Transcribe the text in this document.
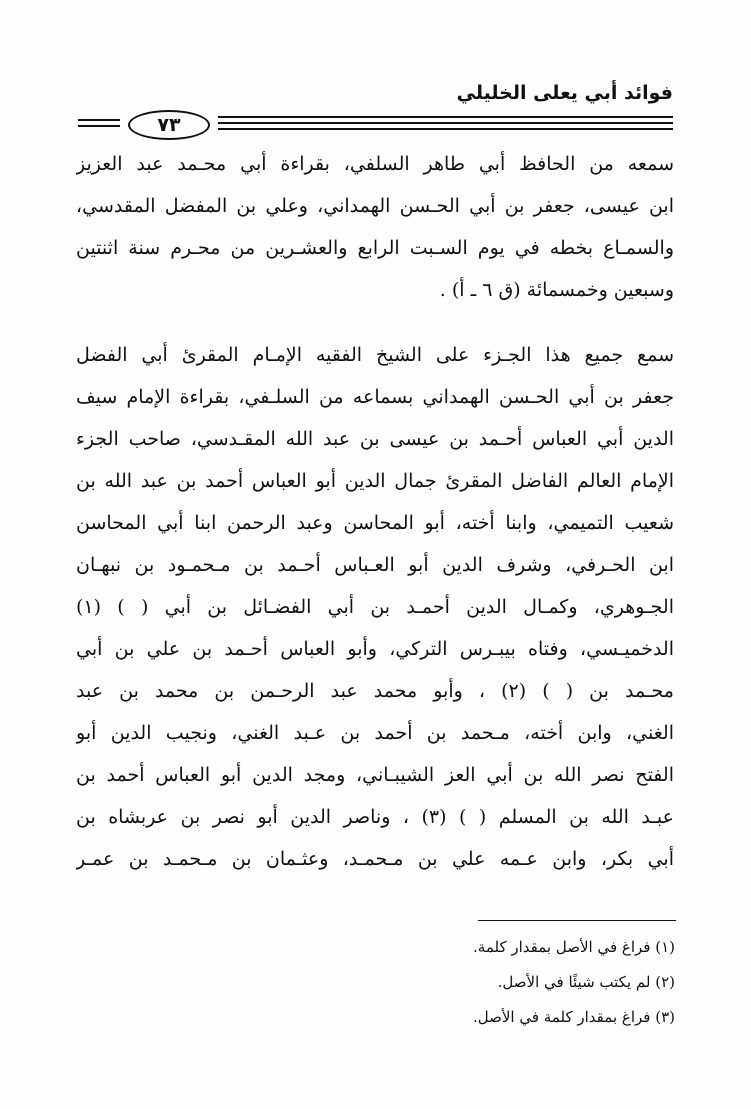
فوائد أبي يعلى الخليلي
٧٣
سمعه من الحافظ أبي طاهر السلفي، بقراءة أبي محـمد عبد العزيز
ابن عيسى، جعفر بن أبي الحـسن الهمداني، وعلي بن المفضل المقدسي،
والسمـاع بخطه في يوم السـبت الرابع والعشـرين من محـرم سنة اثنتين
وسبعين وخمسمائة (ق ٦ ـ أ) .
سمع جميع هذا الجـزء على الشيخ الفقيه الإمـام المقرئ أبي الفضل
جعفر بن أبي الحـسن الهمداني بسماعه من السلـفي، بقراءة الإمام سيف
الدين أبي العباس أحـمد بن عيسى بن عبد الله المقـدسي، صاحب الجزء
الإمام العالم الفاضل المقرئ جمال الدين أبو العباس أحمد بن عبد الله بن
شعيب التميمي، وابنا أخته، أبو المحاسن وعبد الرحمن ابنا أبي المحاسن
ابن الحـرفي، وشرف الدين أبو العـباس أحـمد بن مـحمـود بن نبهـان
الجـوهري، وكمـال الدين أحمـد بن أبي الفضـائل بن أبي ( ) (١)
الدخميـسي، وفتاه بيبـرس التركي، وأبو العباس أحـمد بن علي بن أبي
محـمد بن ( ) (٢) ، وأبو محمد عبد الرحـمن بن محمد بن عبد
الغني، وابن أخته، مـحمد بن أحمد بن عـبد الغني، ونجيب الدين أبو
الفتح نصر الله بن أبي العز الشيبـاني، ومجد الدين أبو العباس أحمد بن
عبـد الله بن المسلم ( ) (٣) ، وناصر الدين أبو نصر بن عربشاه بن
أبي بكر، وابن عـمه علي بن مـحمـد، وعثـمان بن مـحمـد بن عمـر
(١) فراغ في الأصل بمقدار كلمة.
(٢) لم يكتب شيئًا في الأصل.
(٣) فراغ بمقدار كلمة في الأصل.
